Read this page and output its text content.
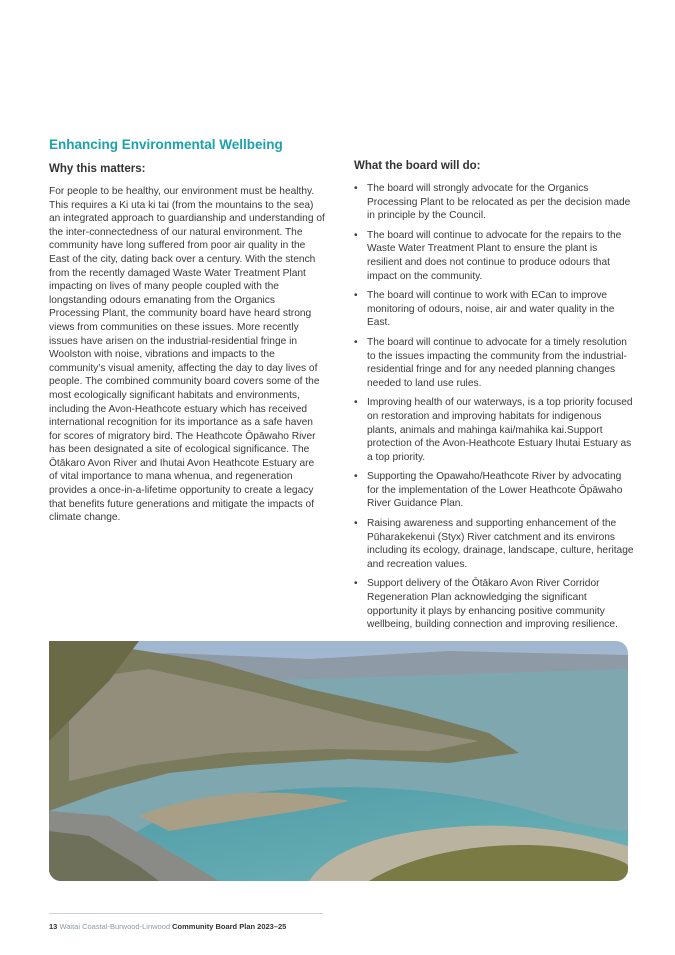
Enhancing Environmental Wellbeing
Why this matters:

For people to be healthy, our environment must be healthy. This requires a Ki uta ki tai (from the mountains to the sea) an integrated approach to guardianship and understanding of the inter-connectedness of our natural environment. The community have long suffered from poor air quality in the East of the city, dating back over a century. With the stench from the recently damaged Waste Water Treatment Plant impacting on lives of many people coupled with the longstanding odours emanating from the Organics Processing Plant, the community board have heard strong views from communities on these issues. More recently issues have arisen on the industrial-residential fringe in Woolston with noise, vibrations and impacts to the community’s visual amenity, affecting the day to day lives of people. The combined community board covers some of the most ecologically significant habitats and environments, including the Avon-Heathcote estuary which has received international recognition for its importance as a safe haven for scores of migratory bird. The Heathcote Ōpāwaho River has been designated a site of ecological significance. The Ōtākaro Avon River and Ihutai Avon Heathcote Estuary are of vital importance to mana whenua, and regeneration provides a once-in-a-lifetime opportunity to create a legacy that benefits future generations and mitigate the impacts of climate change.

What the board will do:
• The board will strongly advocate for the Organics Processing Plant to be relocated as per the decision made in principle by the Council.
• The board will continue to advocate for the repairs to the Waste Water Treatment Plant to ensure the plant is resilient and does not continue to produce odours that impact on the community.
• The board will continue to work with ECan to improve monitoring of odours, noise, air and water quality in the East.
• The board will continue to advocate for a timely resolution to the issues impacting the community from the industrial-residential fringe and for any needed planning changes needed to land use rules.
• Improving health of our waterways, is a top priority focused on restoration and improving habitats for indigenous plants, animals and mahinga kai/mahika kai.Support protection of the Avon-Heathcote Estuary Ihutai Estuary as a top priority.
• Supporting the Opawaho/Heathcote River by advocating for the implementation of the Lower Heathcote Ōpāwaho River Guidance Plan.
• Raising awareness and supporting enhancement of the Pūharakekenui (Styx) River catchment and its environs including its ecology, drainage, landscape, culture, heritage and recreation values.
• Support delivery of the Ōtākaro Avon River Corridor Regeneration Plan acknowledging the significant opportunity it plays by enhancing positive community wellbeing, building connection and improving resilience.
13 Waitai Coastal-Burwood-Linwood Community Board Plan 2023–25
